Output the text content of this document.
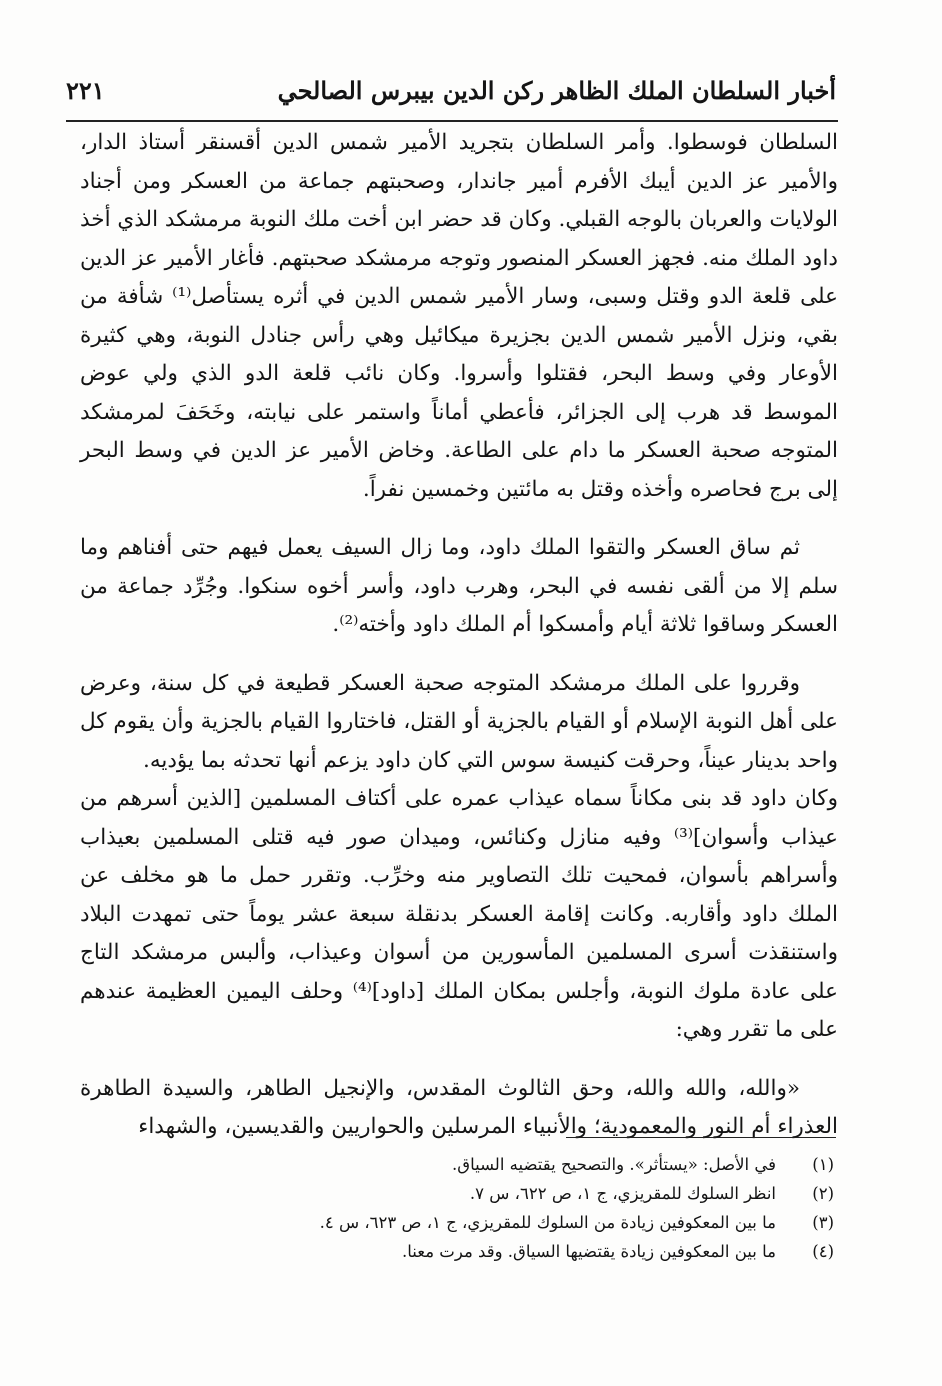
أخبار السلطان الملك الظاهر ركن الدين بيبرس الصالحي
٢٢١

السلطان فوسطوا. وأمر السلطان بتجريد الأمير شمس الدين أقسنقر أستاذ الدار، والأمير عز الدين أيبك الأفرم أمير جاندار، وصحبتهم جماعة من العسكر ومن أجناد الولايات والعربان بالوجه القبلي. وكان قد حضر ابن أخت ملك النوبة مرمشكد الذي أخذ داود الملك منه. فجهز العسكر المنصور وتوجه مرمشكد صحبتهم. فأغار الأمير عز الدين على قلعة الدو وقتل وسبى، وسار الأمير شمس الدين في أثره يستأصل⁽¹⁾ شأفة من بقي، ونزل الأمير شمس الدين بجزيرة ميكائيل وهي رأس جنادل النوبة، وهي كثيرة الأوعار وفي وسط البحر، فقتلوا وأسروا. وكان نائب قلعة الدو الذي ولي عوض الموسط قد هرب إلى الجزائر، فأعطي أماناً واستمر على نيابته، وخَحَفَ لمرمشكد المتوجه صحبة العسكر ما دام على الطاعة. وخاض الأمير عز الدين في وسط البحر إلى برج فحاصره وأخذه وقتل به مائتين وخمسين نفراً.

ثم ساق العسكر والتقوا الملك داود، وما زال السيف يعمل فيهم حتى أفناهم وما سلم إلا من ألقى نفسه في البحر، وهرب داود، وأسر أخوه سنكوا. وجُرِّد جماعة من العسكر وساقوا ثلاثة أيام وأمسكوا أم الملك داود وأخته⁽²⁾.

وقرروا على الملك مرمشكد المتوجه صحبة العسكر قطيعة في كل سنة، وعرض على أهل النوبة الإسلام أو القيام بالجزية أو القتل، فاختاروا القيام بالجزية وأن يقوم كل واحد بدينار عيناً، وحرقت كنيسة سوس التي كان داود يزعم أنها تحدثه بما يؤديه.

وكان داود قد بنى مكاناً سماه عيذاب عمره على أكتاف المسلمين [الذين أسرهم من عيذاب وأسوان]⁽³⁾ وفيه منازل وكنائس، وميدان صور فيه قتلى المسلمين بعيذاب وأسراهم بأسوان، فمحيت تلك التصاوير منه وخرِّب. وتقرر حمل ما هو مخلف عن الملك داود وأقاربه. وكانت إقامة العسكر بدنقلة سبعة عشر يوماً حتى تمهدت البلاد واستنقذت أسرى المسلمين المأسورين من أسوان وعيذاب، وألبس مرمشكد التاج على عادة ملوك النوبة، وأجلس بمكان الملك [داود]⁽⁴⁾ وحلف اليمين العظيمة عندهم على ما تقرر وهي:

«والله، والله والله، وحق الثالوث المقدس، والإنجيل الطاهر، والسيدة الطاهرة العذراء أم النور والمعمودية؛ والأنبياء المرسلين والحواريين والقديسين، والشهداء

(١)
في الأصل: «يستأثر». والتصحيح يقتضيه السياق.
(٢)
انظر السلوك للمقريزي، ج ١، ص ٦٢٢، س ٧.
(٣)
ما بين المعكوفين زيادة من السلوك للمقريزي، ج ١، ص ٦٢٣، س ٤.
(٤)
ما بين المعكوفين زيادة يقتضيها السياق. وقد مرت معنا.
